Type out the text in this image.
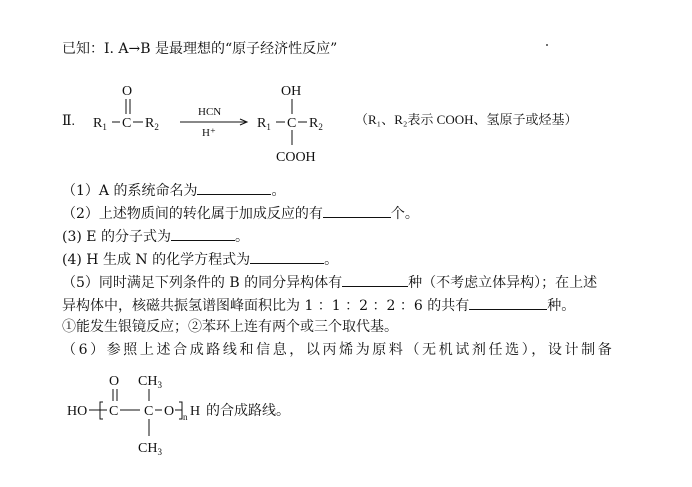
已知：Ⅰ. A→B 是最理想的“原子经济性反应”
Ⅱ.
O
$R_1$ C $R_2$
HCN
H⁺
OH
$R_1$ C $R_2$
COOH
（R₁、R₂表示 COOH、氢原子或烃基）
（1）A 的系统命名为	。
（2）上述物质间的转化属于加成反应的有	个。
(3) E 的分子式为	。
(4) H 生成 N 的化学方程式为	。
（5）同时满足下列条件的 B 的同分异构体有	种（不考虑立体异构）；在上述
异构体中，核磁共振氢谱图峰面积比为 1 ：1 ：2 ：2 ：6 的共有	种。
①能发生银镜反应；②苯环上连有两个或三个取代基。
（6）参照上述合成路线和信息，以丙烯为原料（无机试剂任选），设计制备
O $CH_3$
HO C C O n H 的合成路线。
$CH_3$
